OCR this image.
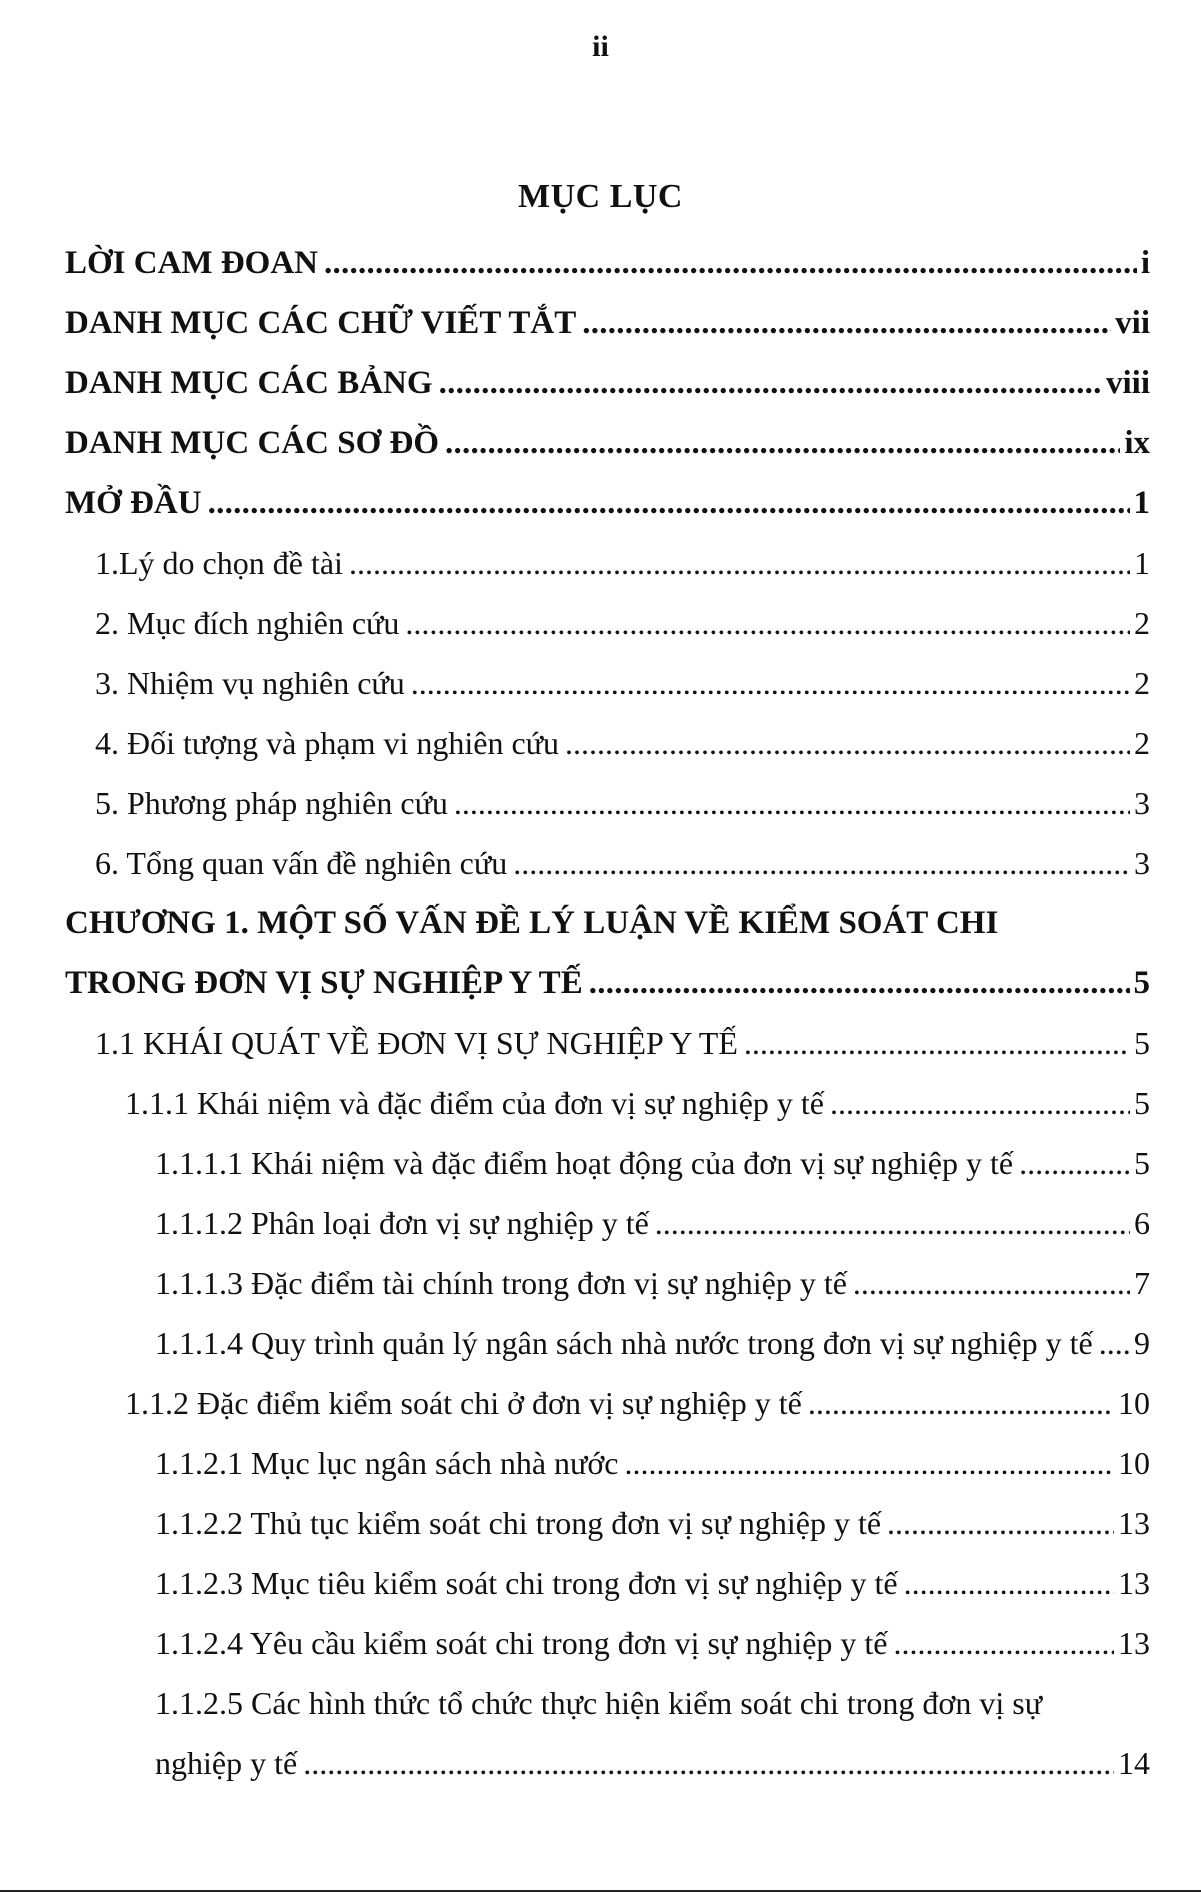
ii
MỤC LỤC
LỜI CAM ĐOAN . . .	i
DANH MỤC CÁC CHỮ VIẾT TẮT . . .	vii
DANH MỤC CÁC BẢNG . . .	viii
DANH MỤC CÁC SƠ ĐỒ . . .	ix
MỞ ĐẦU . . .	1
1.Lý do chọn đề tài . . .	1
2. Mục đích nghiên cứu . . .	2
3. Nhiệm vụ nghiên cứu . . .	2
4. Đối tượng và phạm vi nghiên cứu . . .	2
5. Phương pháp nghiên cứu . . .	3
6. Tổng quan vấn đề nghiên cứu . . .	3
CHƯƠNG 1. MỘT SỐ VẤN ĐỀ LÝ LUẬN VỀ KIỂM SOÁT CHI
TRONG ĐƠN VỊ SỰ NGHIỆP Y TẾ . . .	5
1.1 KHÁI QUÁT VỀ ĐƠN VỊ SỰ NGHIỆP Y TẾ . . .	5
1.1.1 Khái niệm và đặc điểm của đơn vị sự nghiệp y tế . . .	5
1.1.1.1 Khái niệm và đặc điểm hoạt động của đơn vị sự nghiệp y tế . . .	5
1.1.1.2 Phân loại đơn vị sự nghiệp y tế . . .	6
1.1.1.3 Đặc điểm tài chính trong đơn vị sự nghiệp y tế . . .	7
1.1.1.4 Quy trình quản lý ngân sách nhà nước trong đơn vị sự nghiệp y tế . . . 9
1.1.2 Đặc điểm kiểm soát chi ở đơn vị sự nghiệp y tế . . .	10
1.1.2.1 Mục lục ngân sách nhà nước . . .	10
1.1.2.2 Thủ tục kiểm soát chi trong đơn vị sự nghiệp y tế . . .	13
1.1.2.3 Mục tiêu kiểm soát chi trong đơn vị sự nghiệp y tế . . .	13
1.1.2.4 Yêu cầu kiểm soát chi trong đơn vị sự nghiệp y tế . . .	13
1.1.2.5 Các hình thức tổ chức thực hiện kiểm soát chi trong đơn vị sự
nghiệp y tế . . .	14
